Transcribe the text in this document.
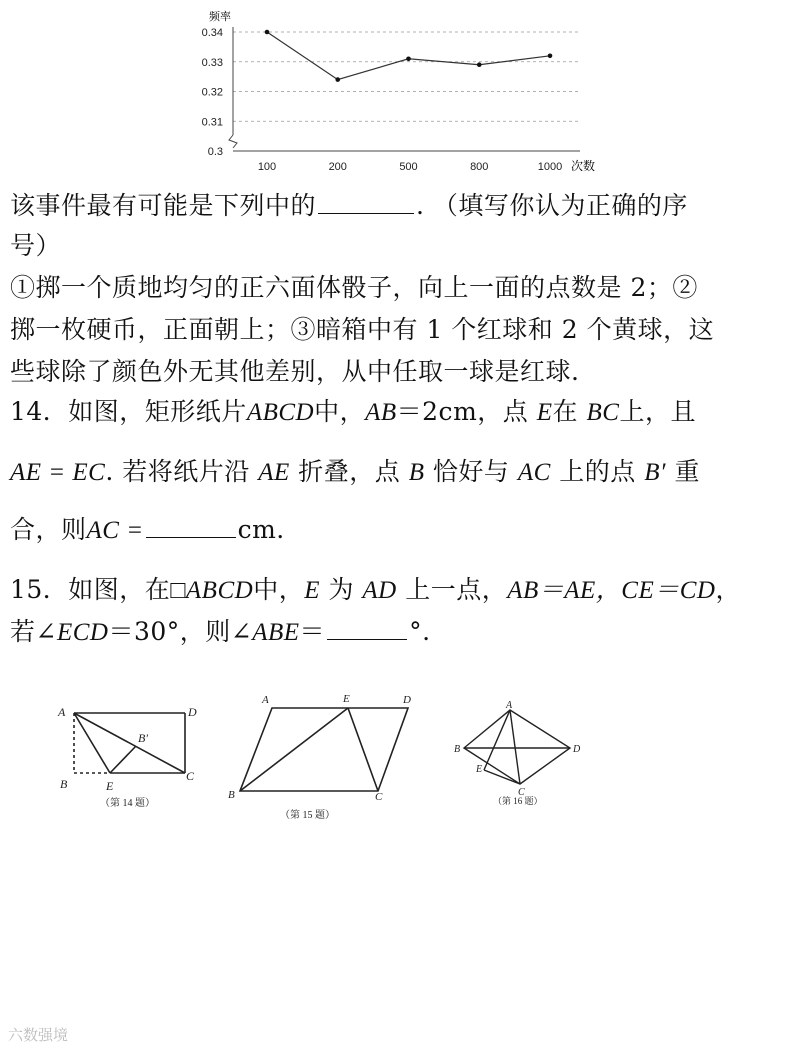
0.34
0.33
0.32
0.31
0.3
100	200	500	800	1000
频率
次数
该事件最有可能是下列中的	. （填写你认为正确的序
号）
①掷一个质地均匀的正六面体骰子，向上一面的点数是 2；②
掷一枚硬币，正面朝上；③暗箱中有 1 个红球和 2 个黄球，这
些球除了颜色外无其他差别，从中任取一球是红球.
14．如图，矩形纸片ABCD中，AB＝2cm，点 E在 BC上，且
AE = EC. 若将纸片沿 AE 折叠，点 B 恰好与 AC 上的点 B′ 重
合，则AC =	cm.
15．如图，在□ABCD中，E 为 AD 上一点，AB＝AE，CE＝CD，
若∠ECD＝30°，则∠ABE＝	°.
A	D
B	E
C
B′
（第 14 题）
A	E	D
B	C
（第 15 题）
A
B	D
E
C
（第 16 题）
六数强境
